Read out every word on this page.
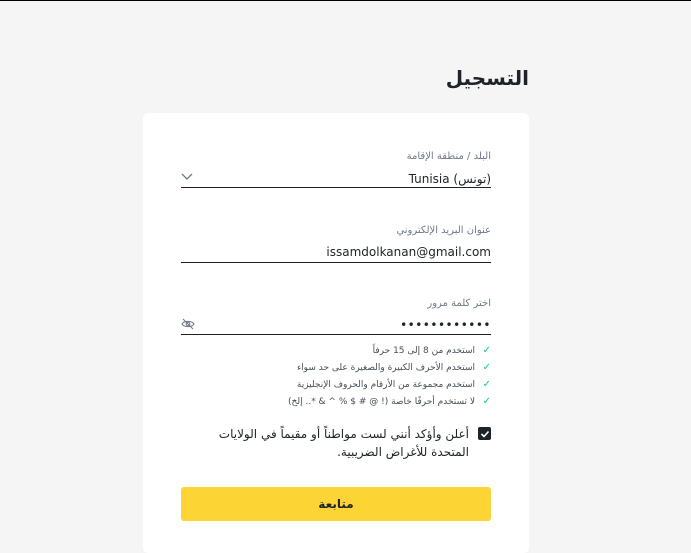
التسجيل
البلد / منطقة الإقامة
Tunisia (تونس)
عنوان البريد الإلكتروني
issamdolkanan@gmail.com
اختر كلمة مرور
••••••••••••
✓
استخدم من 8 إلى 15 حرفاً
✓
استخدم الأحرف الكبيرة والصغيرة على حد سواء
✓
استخدم مجموعة من الأرقام والحروف الإنجليزية
✓
لا تستخدم أحرفًا خاصة (! @ # $ % ^ & *.. إلخ)
أعلن وأؤكد أنني لست مواطناً أو مقيماً في الولايات المتحدة للأغراض الضريبية.
متابعة
